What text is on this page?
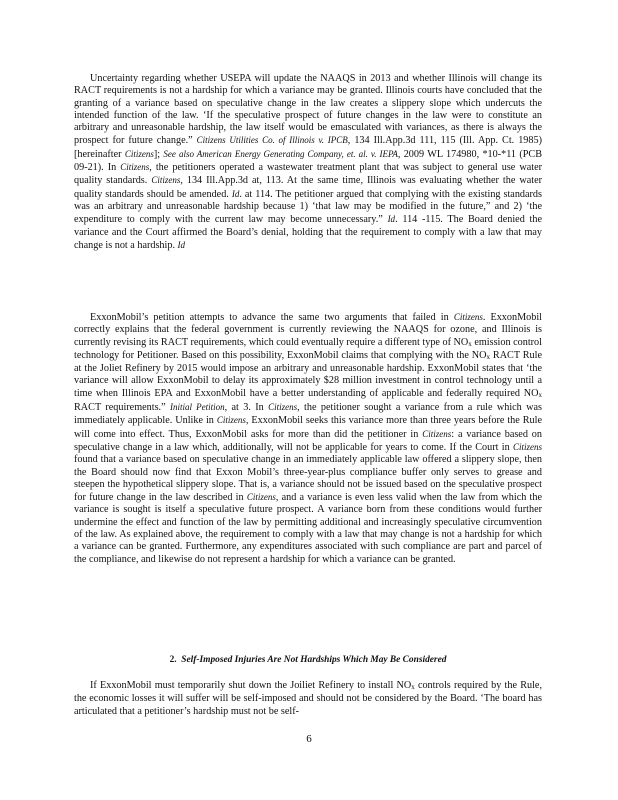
Uncertainty regarding whether USEPA will update the NAAQS in 2013 and whether Illinois will change its RACT requirements is not a hardship for which a variance may be granted. Illinois courts have concluded that the granting of a variance based on speculative change in the law creates a slippery slope which undercuts the intended function of the law. ‘If the speculative prospect of future changes in the law were to constitute an arbitrary and unreasonable hardship, the law itself would be emasculated with variances, as there is always the prospect for future change.” Citizens Utilities Co. of Illinois v. IPCB, 134 Ill.App.3d 111, 115 (Ill. App. Ct. 1985) [hereinafter Citizens]; See also American Energy Generating Company, et. al. v. IEPA, 2009 WL 174980, *10-*11 (PCB 09-21). In Citizens, the petitioners operated a wastewater treatment plant that was subject to general use water quality standards. Citizens, 134 Ill.App.3d at, 113. At the same time, Illinois was evaluating whether the water quality standards should be amended. Id. at 114. The petitioner argued that complying with the existing standards was an arbitrary and unreasonable hardship because 1) ‘that law may be modified in the future,” and 2) ‘the expenditure to comply with the current law may become unnecessary.” Id. 114 -115. The Board denied the variance and the Court affirmed the Board’s denial, holding that the requirement to comply with a law that may change is not a hardship. Id

ExxonMobil’s petition attempts to advance the same two arguments that failed in Citizens. ExxonMobil correctly explains that the federal government is currently reviewing the NAAQS for ozone, and Illinois is currently revising its RACT requirements, which could eventually require a different type of $NO_x$ emission control technology for Petitioner. Based on this possibility, ExxonMobil claims that complying with the $NO_x$ RACT Rule at the Joliet Refinery by 2015 would impose an arbitrary and unreasonable hardship. ExxonMobil states that ‘the variance will allow ExxonMobil to delay its approximately $28 million investment in control technology until a time when Illinois EPA and ExxonMobil have a better understanding of applicable and federally required $NO_x$ RACT requirements.” Initial Petition, at 3. In Citizens, the petitioner sought a variance from a rule which was immediately applicable. Unlike in Citizens, ExxonMobil seeks this variance more than three years before the Rule will come into effect. Thus, ExxonMobil asks for more than did the petitioner in Citizens: a variance based on speculative change in a law which, additionally, will not be applicable for years to come. If the Court in Citizens found that a variance based on speculative change in an immediately applicable law offered a slippery slope, then the Board should now find that Exxon Mobil’s three-year-plus compliance buffer only serves to grease and steepen the hypothetical slippery slope. That is, a variance should not be issued based on the speculative prospect for future change in the law described in Citizens, and a variance is even less valid when the law from which the variance is sought is itself a speculative future prospect. A variance born from these conditions would further undermine the effect and function of the law by permitting additional and increasingly speculative circumvention of the law. As explained above, the requirement to comply with a law that may change is not a hardship for which a variance can be granted. Furthermore, any expenditures associated with such compliance are part and parcel of the compliance, and likewise do not represent a hardship for which a variance can be granted.

2. Self-Imposed Injuries Are Not Hardships Which May Be Considered

If ExxonMobil must temporarily shut down the Joiliet Refinery to install $NO_x$ controls required by the Rule, the economic losses it will suffer will be self-imposed and should not be considered by the Board. ‘The board has articulated that a petitioner’s hardship must not be self-

6
